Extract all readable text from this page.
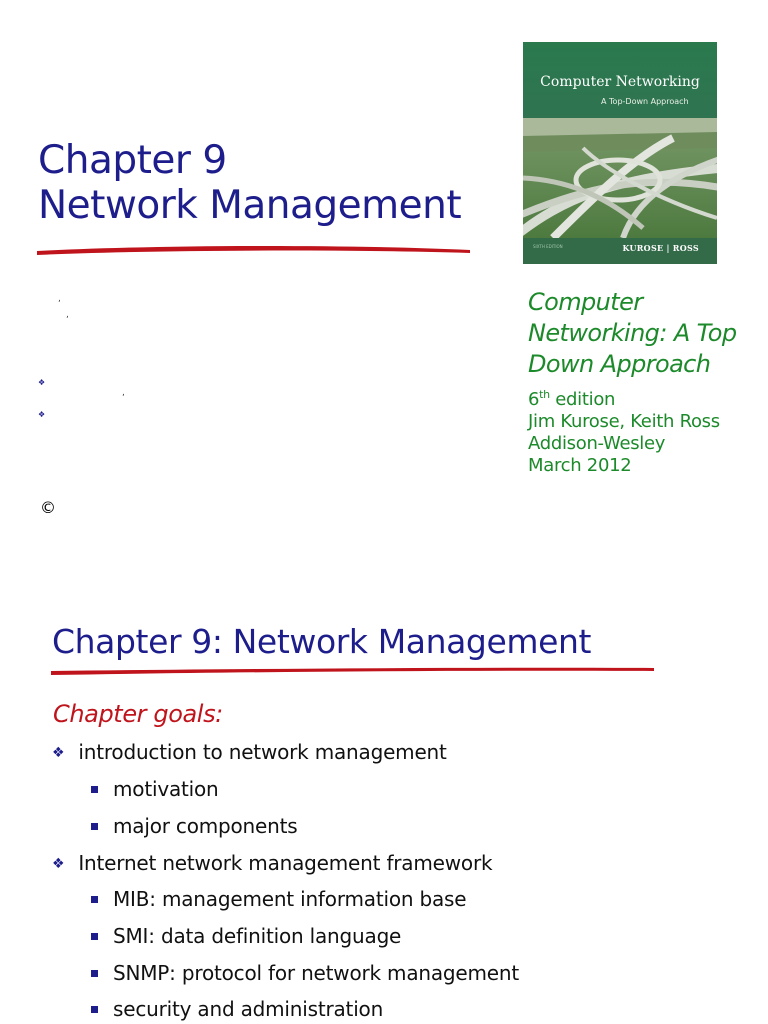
Chapter 9
Network Management
Computer Networking
A Top-Down Approach
SIXTH EDITION	KUROSE | ROSS
Computer
Networking: A Top
Down Approach
6th edition
Jim Kurose, Keith Ross
Addison-Wesley
March 2012
,
,
❖
,
❖
©
Chapter 9: Network Management
Chapter goals:
❖ introduction to network management
motivation
major components
❖ Internet network management framework
MIB: management information base
SMI: data definition language
SNMP: protocol for network management
security and administration
